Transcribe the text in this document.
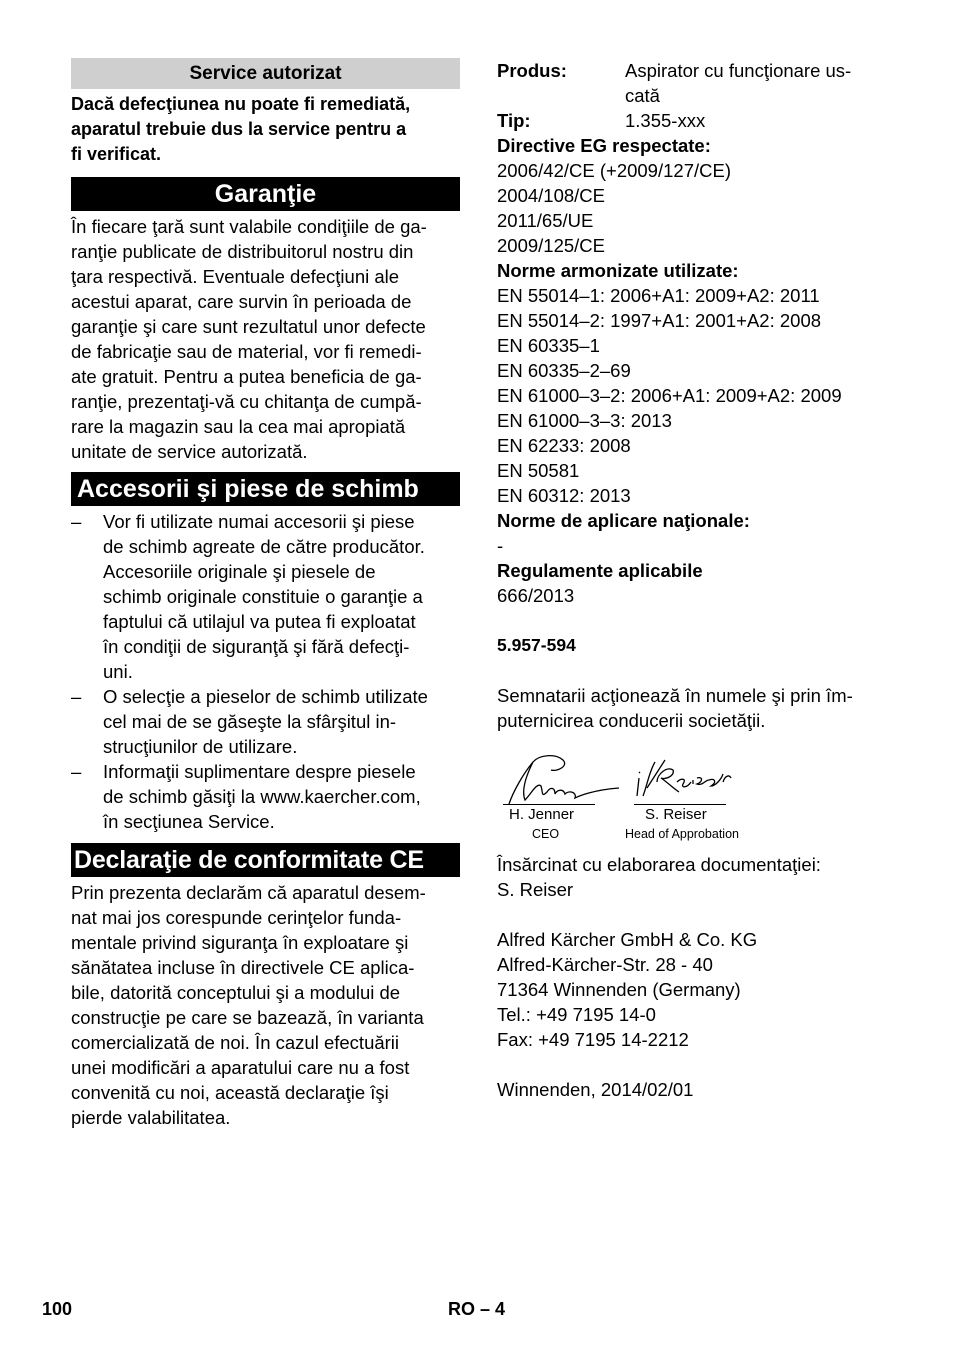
Service autorizat
Dacă defecţiunea nu poate fi remediată,
aparatul trebuie dus la service pentru a
fi verificat.
Garanţie
În fiecare ţară sunt valabile condiţiile de ga-
ranţie publicate de distribuitorul nostru din
ţara respectivă. Eventuale defecţiuni ale
acestui aparat, care survin în perioada de
garanţie şi care sunt rezultatul unor defecte
de fabricaţie sau de material, vor fi remedi-
ate gratuit. Pentru a putea beneficia de ga-
ranţie, prezentaţi-vă cu chitanţa de cumpă-
rare la magazin sau la cea mai apropiată
unitate de service autorizată.
Accesorii şi piese de schimb
– Vor fi utilizate numai accesorii şi piese
de schimb agreate de către producător.
Accesoriile originale şi piesele de
schimb originale constituie o garanţie a
faptului că utilajul va putea fi exploatat
în condiţii de siguranţă şi fără defecţi-
uni.
– O selecţie a pieselor de schimb utilizate
cel mai de se găseşte la sfârşitul in-
strucţiunilor de utilizare.
– Informaţii suplimentare despre piesele
de schimb găsiţi la www.kaercher.com,
în secţiunea Service.
Declaraţie de conformitate CE
Prin prezenta declarăm că aparatul desem-
nat mai jos corespunde cerinţelor funda-
mentale privind siguranţa în exploatare şi
sănătatea incluse în directivele CE aplica-
bile, datorită conceptului şi a modului de
construcţie pe care se bazează, în varianta
comercializată de noi. În cazul efectuării
unei modificări a aparatului care nu a fost
convenită cu noi, această declaraţie îşi
pierde valabilitatea.
Produs:	Aspirator cu funcţionare us-
cată
Tip:	1.355-xxx
Directive EG respectate:
2006/42/CE (+2009/127/CE)
2004/108/CE
2011/65/UE
2009/125/CE
Norme armonizate utilizate:
EN 55014–1: 2006+A1: 2009+A2: 2011
EN 55014–2: 1997+A1: 2001+A2: 2008
EN 60335–1
EN 60335–2–69
EN 61000–3–2: 2006+A1: 2009+A2: 2009
EN 61000–3–3: 2013
EN 62233: 2008
EN 50581
EN 60312: 2013
Norme de aplicare naţionale:
-
Regulamente aplicabile
666/2013
5.957-594
Semnatarii acţionează în numele şi prin îm-
puternicirea conducerii societăţii.
H. Jenner	S. Reiser
CEO	Head of Approbation
Însărcinat cu elaborarea documentaţiei:
S. Reiser
Alfred Kärcher GmbH & Co. KG
Alfred-Kärcher-Str. 28 - 40
71364 Winnenden (Germany)
Tel.: +49 7195 14-0
Fax: +49 7195 14-2212
Winnenden, 2014/02/01
100	RO – 4
